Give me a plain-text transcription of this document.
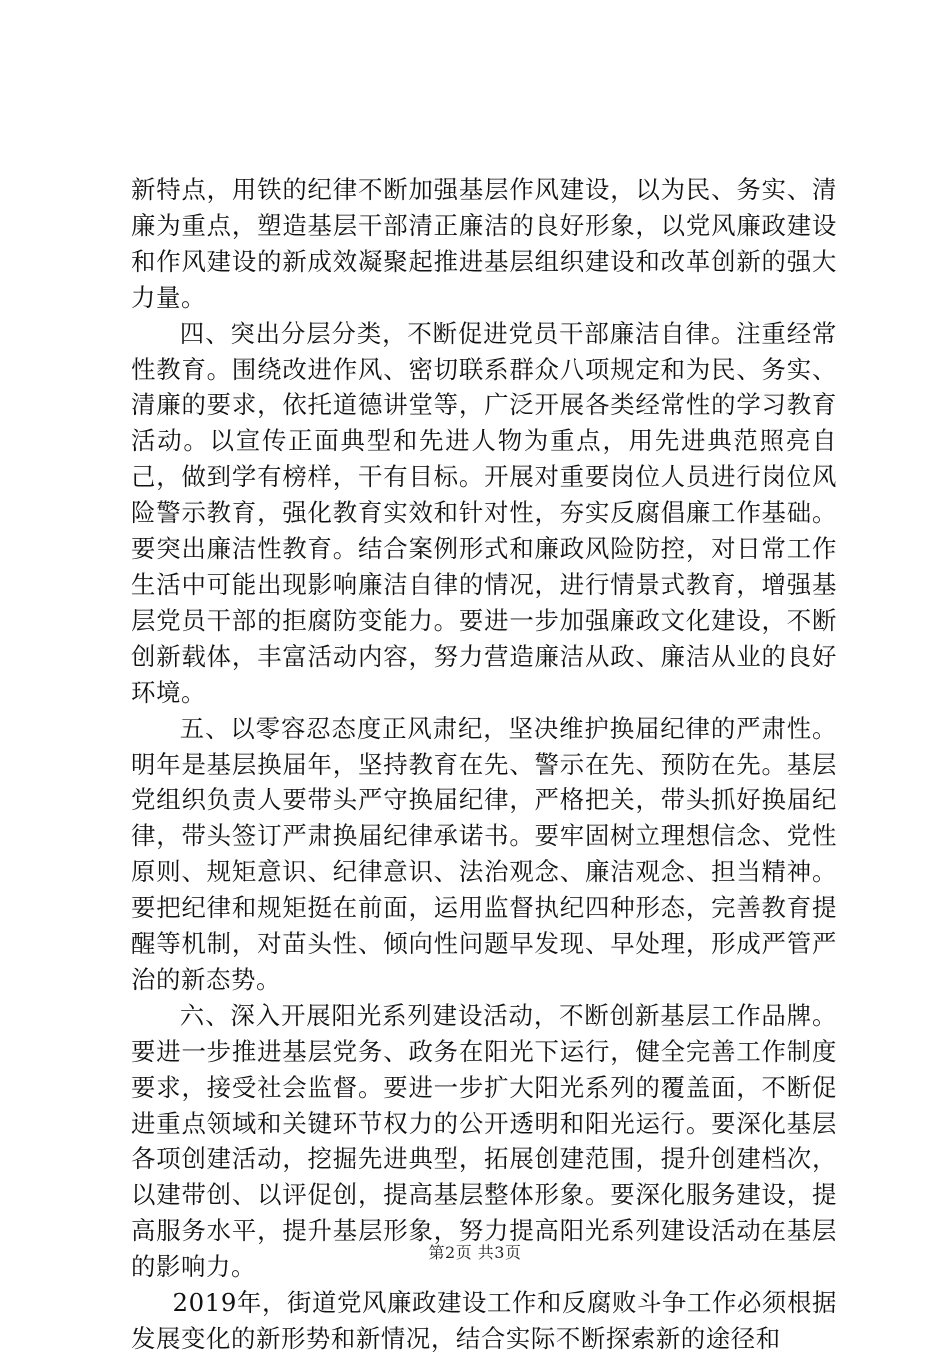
新特点，用铁的纪律不断加强基层作风建设，以为民、务实、清廉为重点，塑造基层干部清正廉洁的良好形象，以党风廉政建设和作风建设的新成效凝聚起推进基层组织建设和改革创新的强大力量。

四、突出分层分类，不断促进党员干部廉洁自律。注重经常性教育。围绕改进作风、密切联系群众八项规定和为民、务实、清廉的要求，依托道德讲堂等，广泛开展各类经常性的学习教育活动。以宣传正面典型和先进人物为重点，用先进典范照亮自己，做到学有榜样，干有目标。开展对重要岗位人员进行岗位风险警示教育，强化教育实效和针对性，夯实反腐倡廉工作基础。要突出廉洁性教育。结合案例形式和廉政风险防控，对日常工作生活中可能出现影响廉洁自律的情况，进行情景式教育，增强基层党员干部的拒腐防变能力。要进一步加强廉政文化建设，不断创新载体，丰富活动内容，努力营造廉洁从政、廉洁从业的良好环境。

五、以零容忍态度正风肃纪，坚决维护换届纪律的严肃性。明年是基层换届年，坚持教育在先、警示在先、预防在先。基层党组织负责人要带头严守换届纪律，严格把关，带头抓好换届纪律，带头签订严肃换届纪律承诺书。要牢固树立理想信念、党性原则、规矩意识、纪律意识、法治观念、廉洁观念、担当精神。要把纪律和规矩挺在前面，运用监督执纪四种形态，完善教育提醒等机制，对苗头性、倾向性问题早发现、早处理，形成严管严治的新态势。

六、深入开展阳光系列建设活动，不断创新基层工作品牌。要进一步推进基层党务、政务在阳光下运行，健全完善工作制度要求，接受社会监督。要进一步扩大阳光系列的覆盖面，不断促进重点领域和关键环节权力的公开透明和阳光运行。要深化基层各项创建活动，挖掘先进典型，拓展创建范围，提升创建档次，以建带创、以评促创，提高基层整体形象。要深化服务建设，提高服务水平，提升基层形象，努力提高阳光系列建设活动在基层的影响力。

2019年，街道党风廉政建设工作和反腐败斗争工作必须根据发展变化的新形势和新情况，结合实际不断探索新的途径和

第2页 共3页
